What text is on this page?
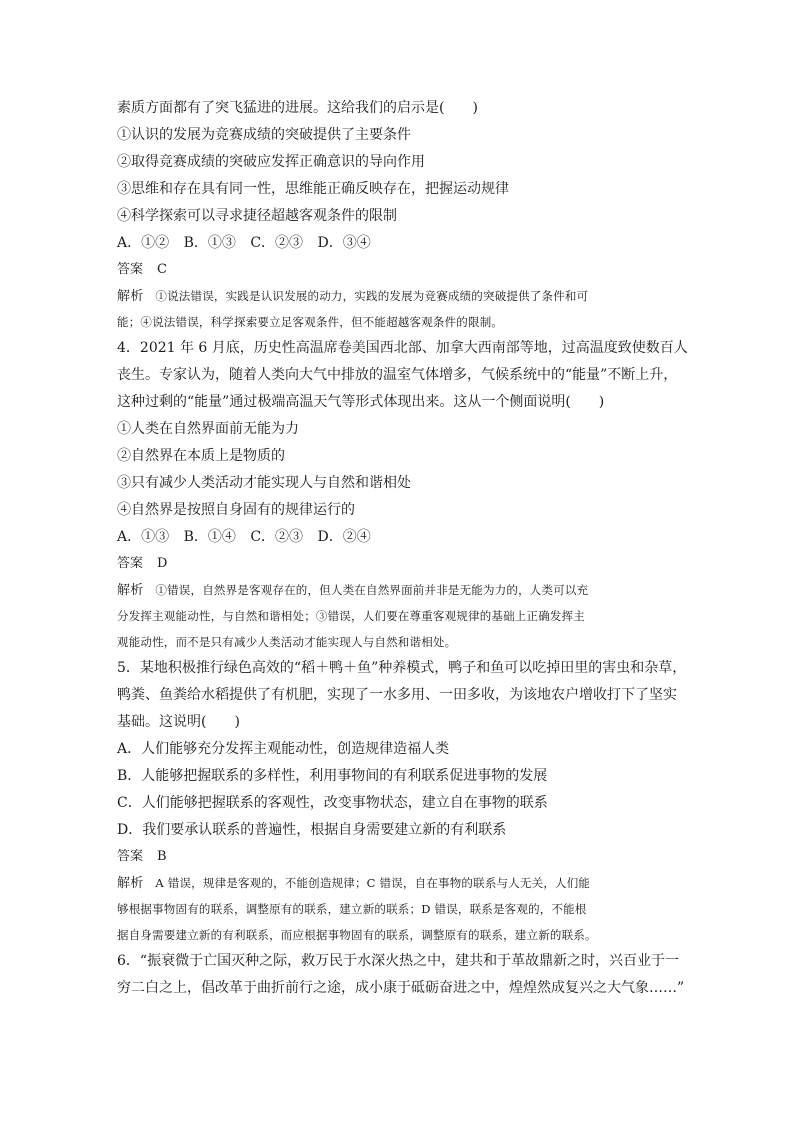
素质方面都有了突飞猛进的进展。这给我们的启示是(　　)
①认识的发展为竞赛成绩的突破提供了主要条件
②取得竞赛成绩的突破应发挥正确意识的导向作用
③思维和存在具有同一性，思维能正确反映存在，把握运动规律
④科学探索可以寻求捷径超越客观条件的限制
A．①② B．①③ C．②③ D．③④
答案 C
解析 ①说法错误，实践是认识发展的动力，实践的发展为竞赛成绩的突破提供了条件和可
能；④说法错误，科学探索要立足客观条件，但不能超越客观条件的限制。
4．2021 年 6 月底，历史性高温席卷美国西北部、加拿大西南部等地，过高温度致使数百人
丧生。专家认为，随着人类向大气中排放的温室气体增多，气候系统中的“能量”不断上升，
这种过剩的“能量”通过极端高温天气等形式体现出来。这从一个侧面说明(　　)
①人类在自然界面前无能为力
②自然界在本质上是物质的
③只有减少人类活动才能实现人与自然和谐相处
④自然界是按照自身固有的规律运行的
A．①③ B．①④ C．②③ D．②④
答案 D
解析 ①错误，自然界是客观存在的，但人类在自然界面前并非是无能为力的，人类可以充
分发挥主观能动性，与自然和谐相处；③错误，人们要在尊重客观规律的基础上正确发挥主
观能动性，而不是只有减少人类活动才能实现人与自然和谐相处。
5．某地积极推行绿色高效的“稻＋鸭＋鱼”种养模式，鸭子和鱼可以吃掉田里的害虫和杂草，
鸭粪、鱼粪给水稻提供了有机肥，实现了一水多用、一田多收，为该地农户增收打下了坚实
基础。这说明(　　)
A．人们能够充分发挥主观能动性，创造规律造福人类
B．人能够把握联系的多样性，利用事物间的有利联系促进事物的发展
C．人们能够把握联系的客观性，改变事物状态，建立自在事物的联系
D．我们要承认联系的普遍性，根据自身需要建立新的有利联系
答案 B
解析 A 错误，规律是客观的，不能创造规律；C 错误，自在事物的联系与人无关，人们能
够根据事物固有的联系，调整原有的联系，建立新的联系；D 错误，联系是客观的，不能根
据自身需要建立新的有利联系，而应根据事物固有的联系，调整原有的联系，建立新的联系。
6．“振衰微于亡国灭种之际，救万民于水深火热之中，建共和于革故鼎新之时，兴百业于一
穷二白之上，倡改革于曲折前行之途，成小康于砥砺奋进之中，煌煌然成复兴之大气象……”
